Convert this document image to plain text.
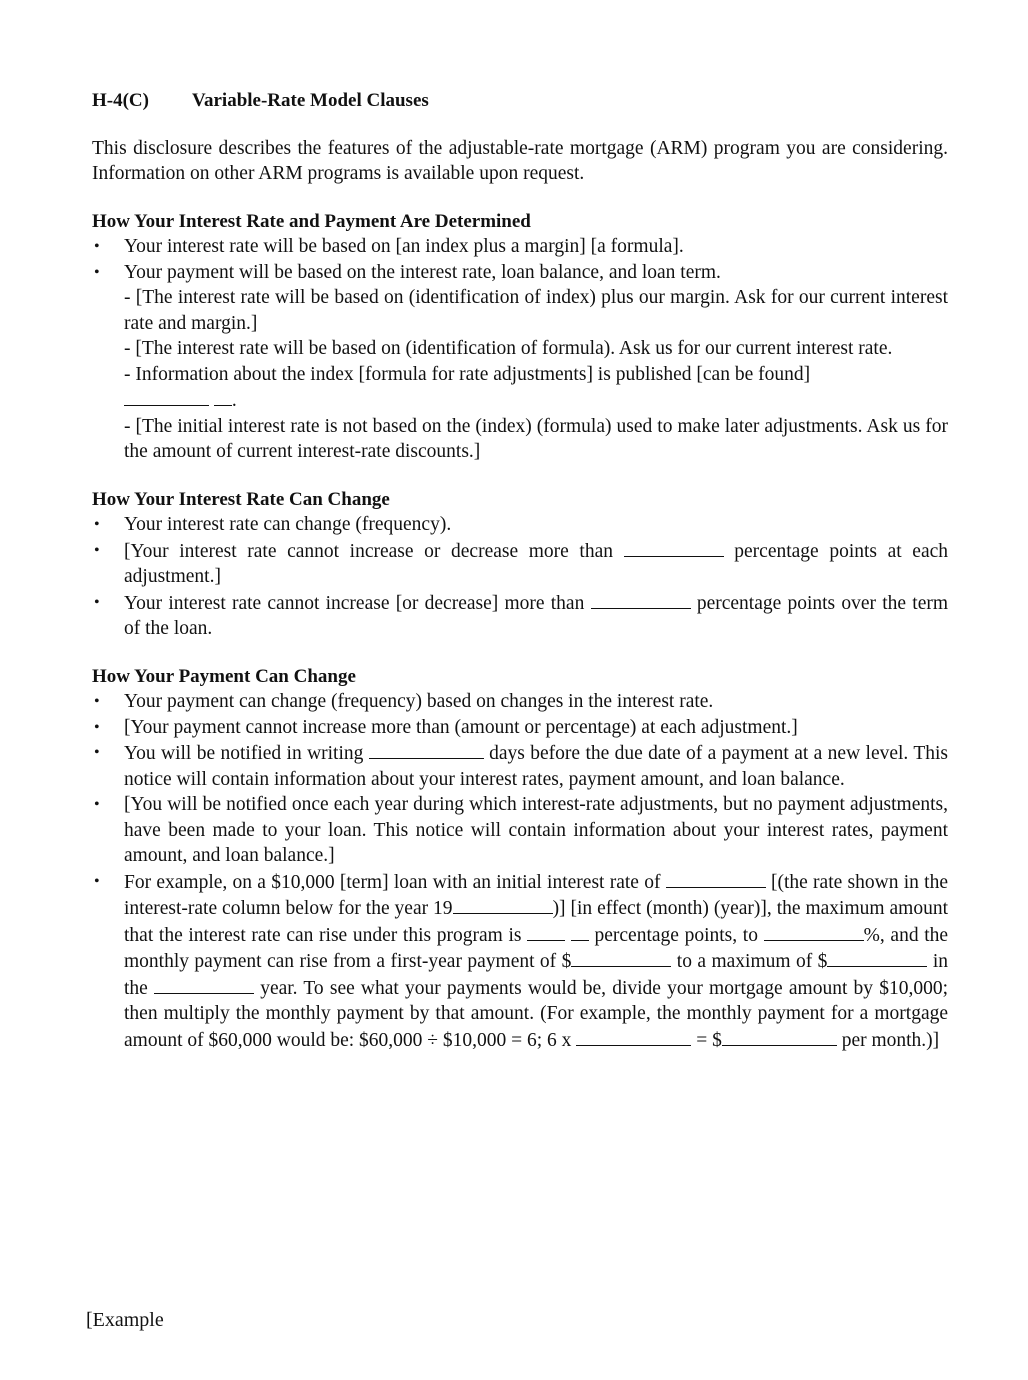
H-4(C) Variable-Rate Model Clauses

This disclosure describes the features of the adjustable-rate mortgage (ARM) program you are considering. Information on other ARM programs is available upon request.

How Your Interest Rate and Payment Are Determined
• Your interest rate will be based on [an index plus a margin] [a formula].
• Your payment will be based on the interest rate, loan balance, and loan term.
- [The interest rate will be based on (identification of index) plus our margin. Ask for our current interest rate and margin.]
- [The interest rate will be based on (identification of formula). Ask us for our current interest rate.
- Information about the index [formula for rate adjustments] is published [can be found]
.
- [The initial interest rate is not based on the (index) (formula) used to make later adjustments. Ask us for the amount of current interest-rate discounts.]
How Your Interest Rate Can Change
• Your interest rate can change (frequency).
• [Your interest rate cannot increase or decrease more than	percentage points at each adjustment.]
• Your interest rate cannot increase [or decrease] more than	percentage points over the term of the loan.
How Your Payment Can Change
• Your payment can change (frequency) based on changes in the interest rate.
• [Your payment cannot increase more than (amount or percentage) at each adjustment.]
• You will be notified in writing	days before the due date of a payment at a new level. This notice will contain information about your interest rates, payment amount, and loan balance.
• [You will be notified once each year during which interest-rate adjustments, but no payment adjustments, have been made to your loan. This notice will contain information about your interest rates, payment amount, and loan balance.]
• For example, on a $10,000 [term] loan with an initial interest rate of	[(the rate shown in the interest-rate column below for the year 19	)] [in effect (month) (year)], the maximum amount that the interest rate can rise under this program is	percentage points, to	%, and the monthly payment can rise from a first-year payment of $	to a maximum of $	in the	year. To see what your payments would be, divide your mortgage amount by $10,000; then multiply the monthly payment by that amount. (For example, the monthly payment for a mortgage amount of $60,000 would be: $60,000 ÷ $10,000 = 6; 6 x	= $	per month.)]
[Example
